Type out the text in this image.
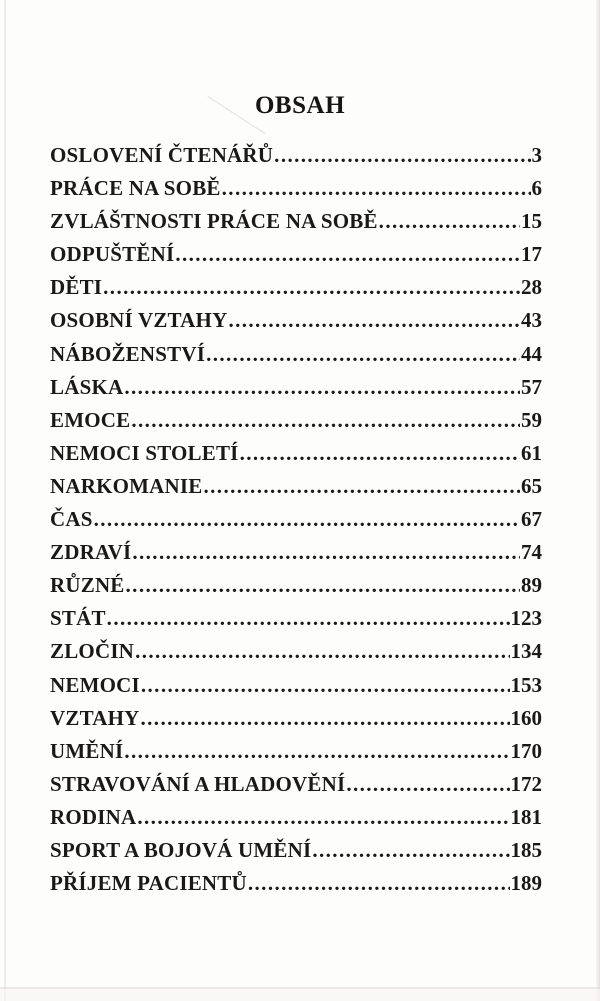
OBSAH
OSLOVENÍ ČTENÁŘŮ .....	3
PRÁCE NA SOBĚ .....	6
ZVLÁŠTNOSTI PRÁCE NA SOBĚ .....	15
ODPUŠTĚNÍ .....	17
DĚTI .....	28
OSOBNÍ VZTAHY .....	43
NÁBOŽENSTVÍ .....	44
LÁSKA .....	57
EMOCE .....	59
NEMOCI STOLETÍ .....	61
NARKOMANIE .....	65
ČAS .....	67
ZDRAVÍ .....	74
RŮZNÉ .....	89
STÁT .....	123
ZLOČIN .....	134
NEMOCI .....	153
VZTAHY .....	160
UMĚNÍ .....	170
STRAVOVÁNÍ A HLADOVĚNÍ .....	172
RODINA .....	181
SPORT A BOJOVÁ UMĚNÍ .....	185
PŘÍJEM PACIENTŮ .....	189
